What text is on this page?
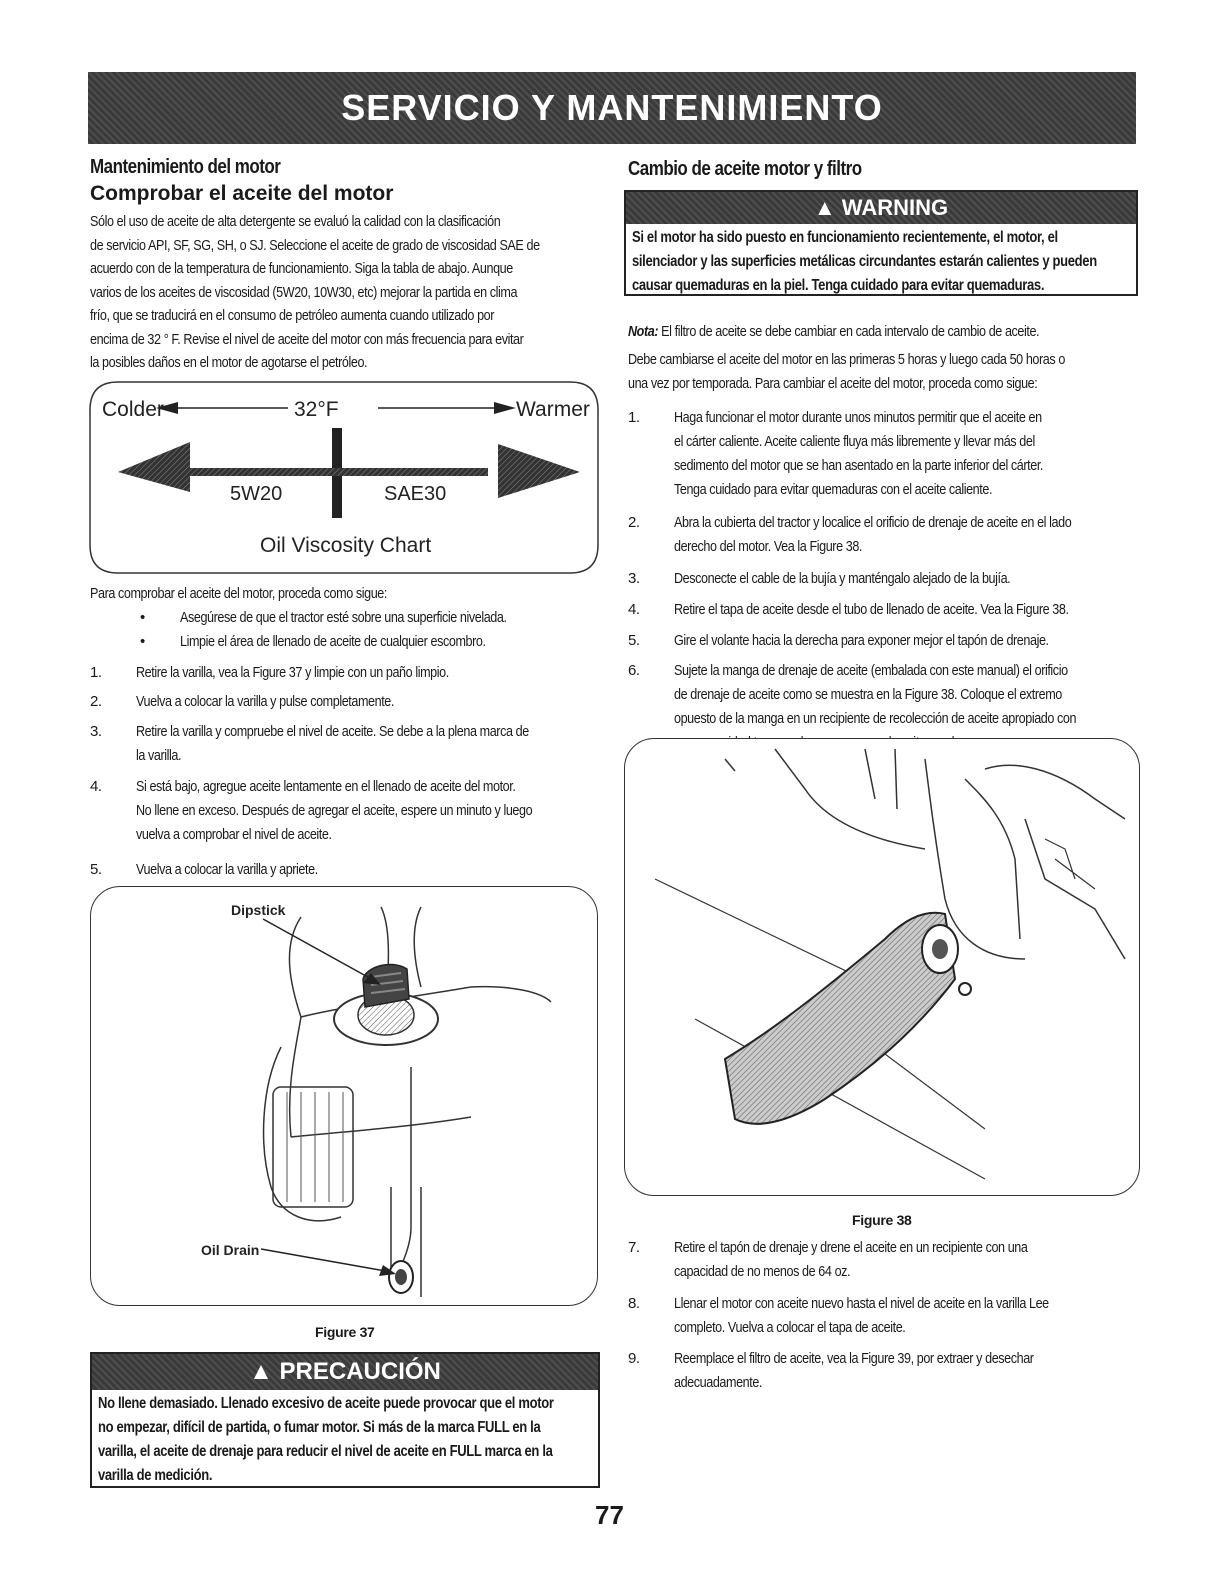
SERVICIO Y MANTENIMIENTO
Mantenimiento del motor
Comprobar el aceite del motor
Sólo el uso de aceite de alta detergente se evaluó la calidad con la clasificación
de servicio API, SF, SG, SH, o SJ. Seleccione el aceite de grado de viscosidad SAE de
acuerdo con de la temperatura de funcionamiento. Siga la tabla de abajo. Aunque
varios de los aceites de viscosidad (5W20, 10W30, etc) mejorar la partida en clima
frío, que se traducirá en el consumo de petróleo aumenta cuando utilizado por
encima de 32 ° F. Revise el nivel de aceite del motor con más frecuencia para evitar
la posibles daños en el motor de agotarse el petróleo.
Colder	32°F	Warmer
5W20	SAE30
Oil Viscosity Chart
Para comprobar el aceite del motor, proceda como sigue:
• Asegúrese de que el tractor esté sobre una superficie nivelada.
• Limpie el área de llenado de aceite de cualquier escombro.
1. Retire la varilla, vea la Figure 37 y limpie con un paño limpio.
2. Vuelva a colocar la varilla y pulse completamente.
3. Retire la varilla y compruebe el nivel de aceite. Se debe a la plena marca de
la varilla.
4. Si está bajo, agregue aceite lentamente en el llenado de aceite del motor.
No llene en exceso. Después de agregar el aceite, espere un minuto y luego
vuelva a comprobar el nivel de aceite.
5. Vuelva a colocar la varilla y apriete.
Dipstick
Oil Drain
Figure 37
▲ PRECAUCIÓN
No llene demasiado. Llenado excesivo de aceite puede provocar que el motor
no empezar, difícil de partida, o fumar motor. Si más de la marca FULL en la
varilla, el aceite de drenaje para reducir el nivel de aceite en FULL marca en la
varilla de medición.
Cambio de aceite motor y filtro
▲ WARNING
Si el motor ha sido puesto en funcionamiento recientemente, el motor, el
silenciador y las superficies metálicas circundantes estarán calientes y pueden
causar quemaduras en la piel. Tenga cuidado para evitar quemaduras.
Nota: El filtro de aceite se debe cambiar en cada intervalo de cambio de aceite.
Debe cambiarse el aceite del motor en las primeras 5 horas y luego cada 50 horas o
una vez por temporada. Para cambiar el aceite del motor, proceda como sigue:
1. Haga funcionar el motor durante unos minutos permitir que el aceite en
el cárter caliente. Aceite caliente fluya más libremente y llevar más del
sedimento del motor que se han asentado en la parte inferior del cárter.
Tenga cuidado para evitar quemaduras con el aceite caliente.
2. Abra la cubierta del tractor y localice el orificio de drenaje de aceite en el lado
derecho del motor. Vea la Figure 38.
3. Desconecte el cable de la bujía y manténgalo alejado de la bujía.
4. Retire el tapa de aceite desde el tubo de llenado de aceite. Vea la Figure 38.
5. Gire el volante hacia la derecha para exponer mejor el tapón de drenaje.
6. Sujete la manga de drenaje de aceite (embalada con este manual) el orificio
de drenaje de aceite como se muestra en la Figure 38. Coloque el extremo
opuesto de la manga en un recipiente de recolección de aceite apropiado con
Figure 38
7. Retire el tapón de drenaje y drene el aceite en un recipiente con una
capacidad de no menos de 64 oz.
8. Llenar el motor con aceite nuevo hasta el nivel de aceite en la varilla Lee
completo. Vuelva a colocar el tapa de aceite.
9. Reemplace el filtro de aceite, vea la Figure 39, por extraer y desechar
adecuadamente.
77
